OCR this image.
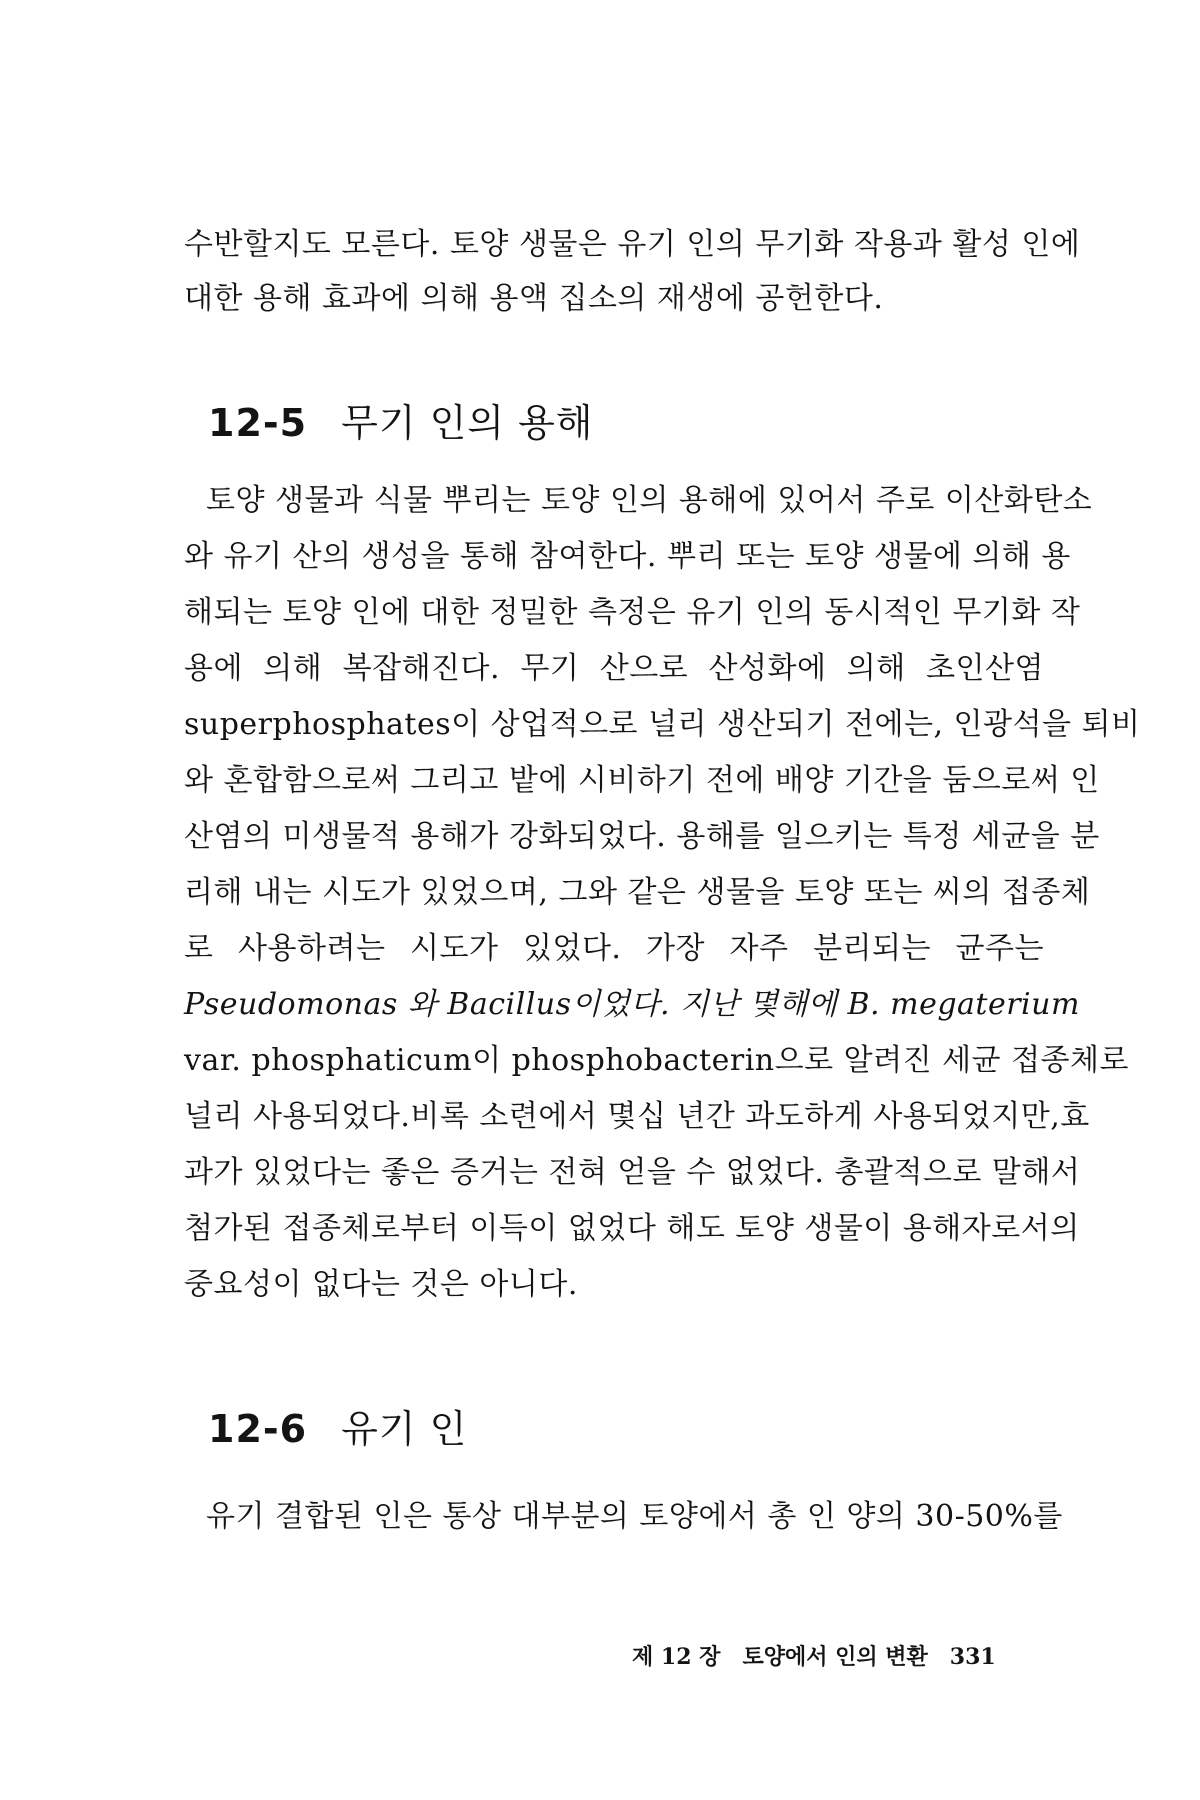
수반할지도 모른다. 토양 생물은 유기 인의 무기화 작용과 활성 인에
대한 용해 효과에 의해 용액 집소의 재생에 공헌한다.
12-5 무기 인의 용해
토양 생물과 식물 뿌리는 토양 인의 용해에 있어서 주로 이산화탄소
와 유기 산의 생성을 통해 참여한다. 뿌리 또는 토양 생물에 의해 용
해되는 토양 인에 대한 정밀한 측정은 유기 인의 동시적인 무기화 작
용에 의해 복잡해진다. 무기 산으로 산성화에 의해 초인산염
superphosphates이 상업적으로 널리 생산되기 전에는, 인광석을 퇴비
와 혼합함으로써 그리고 밭에 시비하기 전에 배양 기간을 둠으로써 인
산염의 미생물적 용해가 강화되었다. 용해를 일으키는 특정 세균을 분
리해 내는 시도가 있었으며, 그와 같은 생물을 토양 또는 씨의 접종체
로 사용하려는 시도가 있었다. 가장 자주 분리되는 균주는
Pseudomonas 와 Bacillus이었다. 지난 몇해에 B. megaterium
var. phosphaticum이 phosphobacterin으로 알려진 세균 접종체로
널리 사용되었다.비록 소련에서 몇십 년간 과도하게 사용되었지만,효
과가 있었다는 좋은 증거는 전혀 얻을 수 없었다. 총괄적으로 말해서
첨가된 접종체로부터 이득이 없었다 해도 토양 생물이 용해자로서의
중요성이 없다는 것은 아니다.
12-6 유기 인
유기 결합된 인은 통상 대부분의 토양에서 총 인 양의 30-50%를
제 12 장 토양에서 인의 변환 331
